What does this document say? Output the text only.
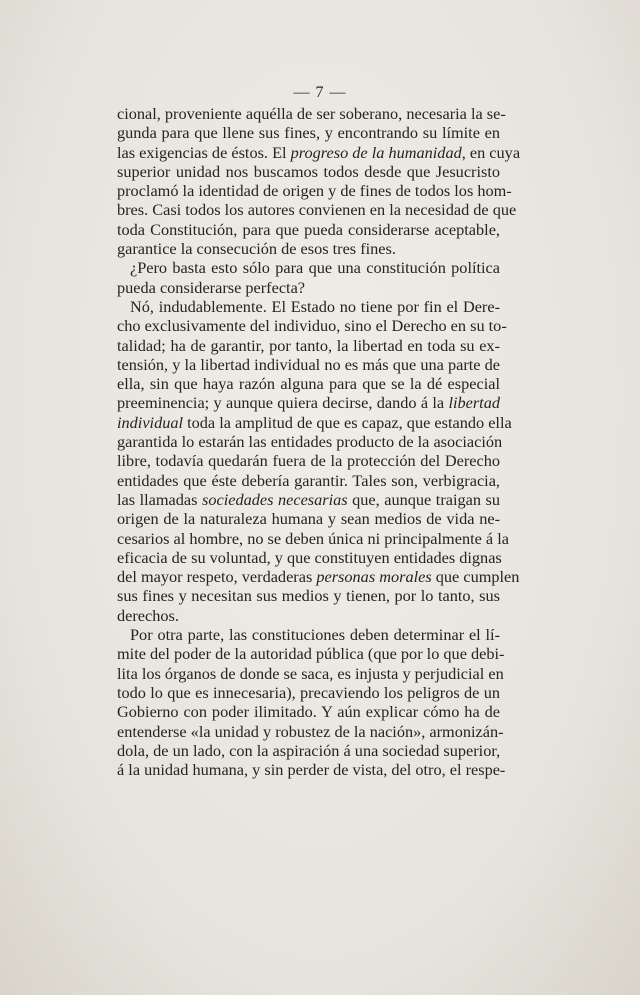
— 7 —

cional, proveniente aquélla de ser soberano, necesaria la se-
gunda para que llene sus fines, y encontrando su límite en
las exigencias de éstos. El progreso de la humanidad, en cuya
superior unidad nos buscamos todos desde que Jesucristo
proclamó la identidad de origen y de fines de todos los hom-
bres. Casi todos los autores convienen en la necesidad de que
toda Constitución, para que pueda considerarse aceptable,
garantice la consecución de esos tres fines.

¿Pero basta esto sólo para que una constitución política
pueda considerarse perfecta?

Nó, indudablemente. El Estado no tiene por fin el Dere-
cho exclusivamente del individuo, sino el Derecho en su to-
talidad; ha de garantir, por tanto, la libertad en toda su ex-
tensión, y la libertad individual no es más que una parte de
ella, sin que haya razón alguna para que se la dé especial
preeminencia; y aunque quiera decirse, dando á la libertad
individual toda la amplitud de que es capaz, que estando ella
garantida lo estarán las entidades producto de la asociación
libre, todavía quedarán fuera de la protección del Derecho
entidades que éste debería garantir. Tales son, verbigracia,
las llamadas sociedades necesarias que, aunque traigan su
origen de la naturaleza humana y sean medios de vida ne-
cesarios al hombre, no se deben única ni principalmente á la
eficacia de su voluntad, y que constituyen entidades dignas
del mayor respeto, verdaderas personas morales que cumplen
sus fines y necesitan sus medios y tienen, por lo tanto, sus
derechos.

Por otra parte, las constituciones deben determinar el lí-
mite del poder de la autoridad pública (que por lo que debi-
lita los órganos de donde se saca, es injusta y perjudicial en
todo lo que es innecesaria), precaviendo los peligros de un
Gobierno con poder ilimitado. Y aún explicar cómo ha de
entenderse «la unidad y robustez de la nación», armonizán-
dola, de un lado, con la aspiración á una sociedad superior,
á la unidad humana, y sin perder de vista, del otro, el respe-
